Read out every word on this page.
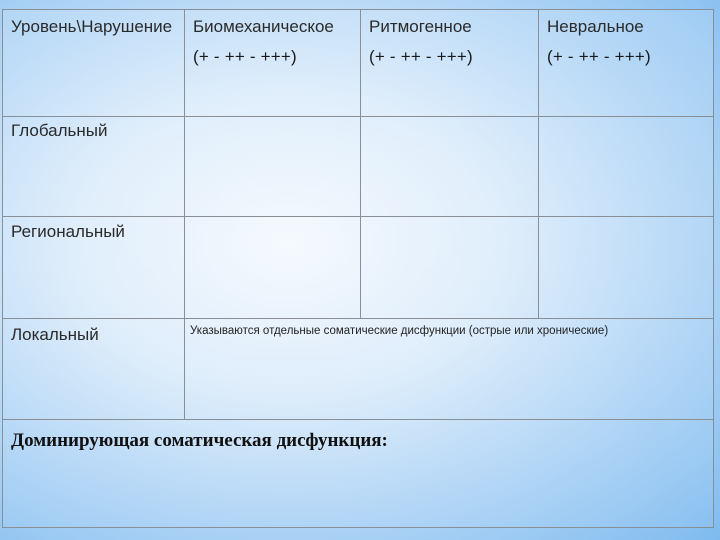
Уровень\Нарушение Биомеханическое
(+ - ++ - +++)
Ритмогенное
(+ - ++ - +++)
Невральное
(+ - ++ - +++)
Глобальный
Региональный
Локальный	Указываются отдельные соматические дисфункции (острые или хронические)
Доминирующая соматическая дисфункция:
